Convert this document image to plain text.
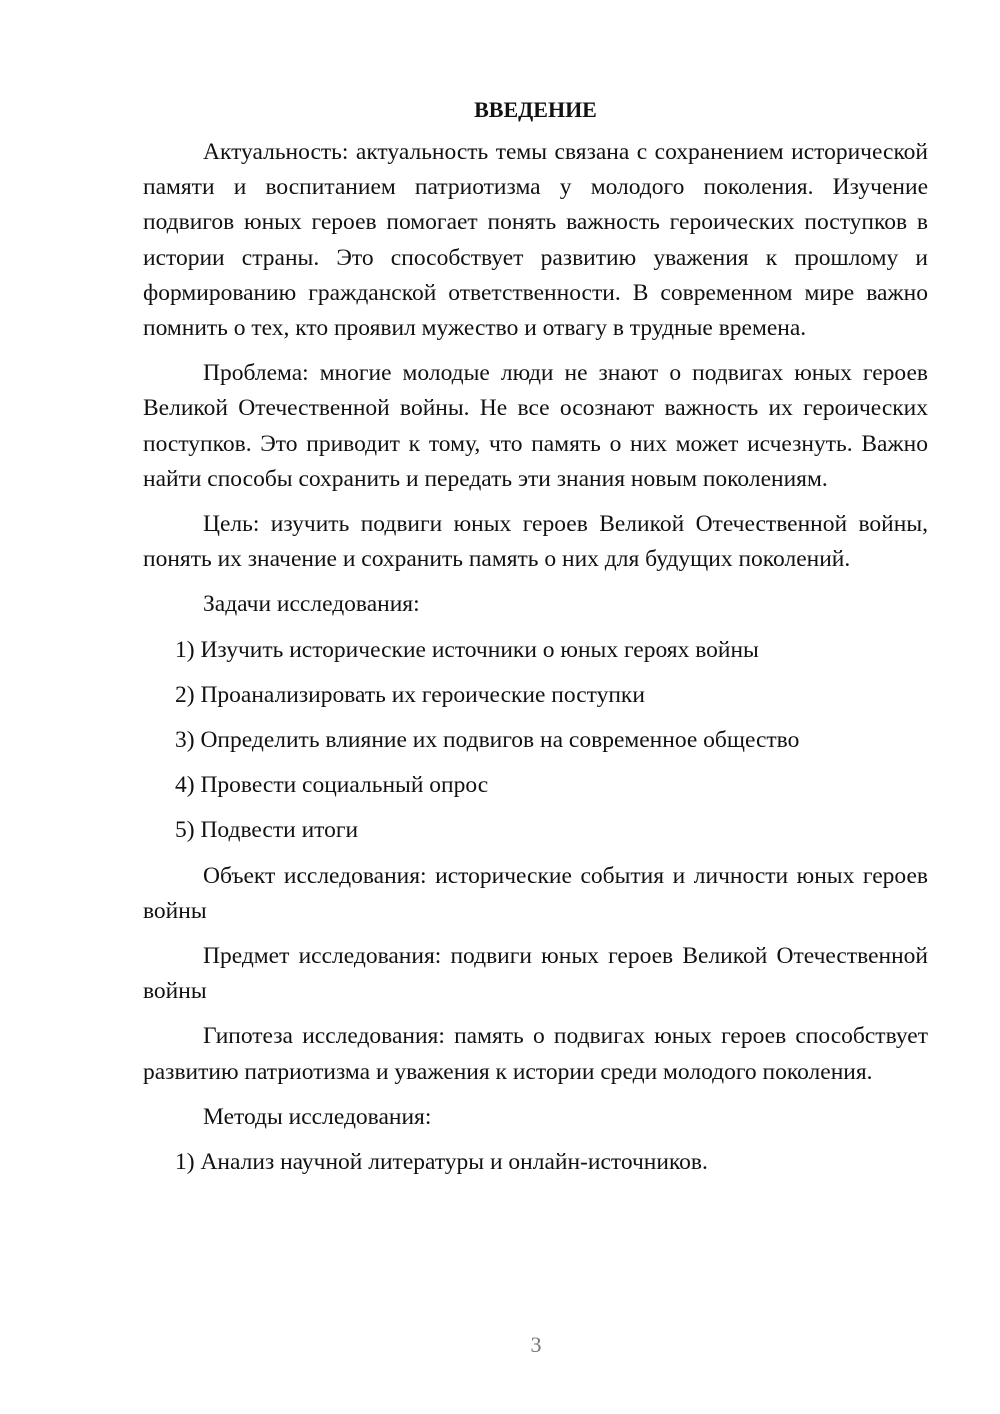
ВВЕДЕНИЕ

Актуальность: актуальность темы связана с сохранением исторической памяти и воспитанием патриотизма у молодого поколения. Изучение подвигов юных героев помогает понять важность героических поступков в истории страны. Это способствует развитию уважения к прошлому и формированию гражданской ответственности. В современном мире важно помнить о тех, кто проявил мужество и отвагу в трудные времена.

Проблема: многие молодые люди не знают о подвигах юных героев Великой Отечественной войны. Не все осознают важность их героических поступков. Это приводит к тому, что память о них может исчезнуть. Важно найти способы сохранить и передать эти знания новым поколениям.

Цель: изучить подвиги юных героев Великой Отечественной войны, понять их значение и сохранить память о них для будущих поколений.

Задачи исследования:

1) Изучить исторические источники о юных героях войны
2) Проанализировать их героические поступки
3) Определить влияние их подвигов на современное общество
4) Провести социальный опрос
5) Подвести итоги

Объект исследования: исторические события и личности юных героев войны

Предмет исследования: подвиги юных героев Великой Отечественной войны

Гипотеза исследования: память о подвигах юных героев способствует развитию патриотизма и уважения к истории среди молодого поколения.

Методы исследования:

1) Анализ научной литературы и онлайн-источников.
3
